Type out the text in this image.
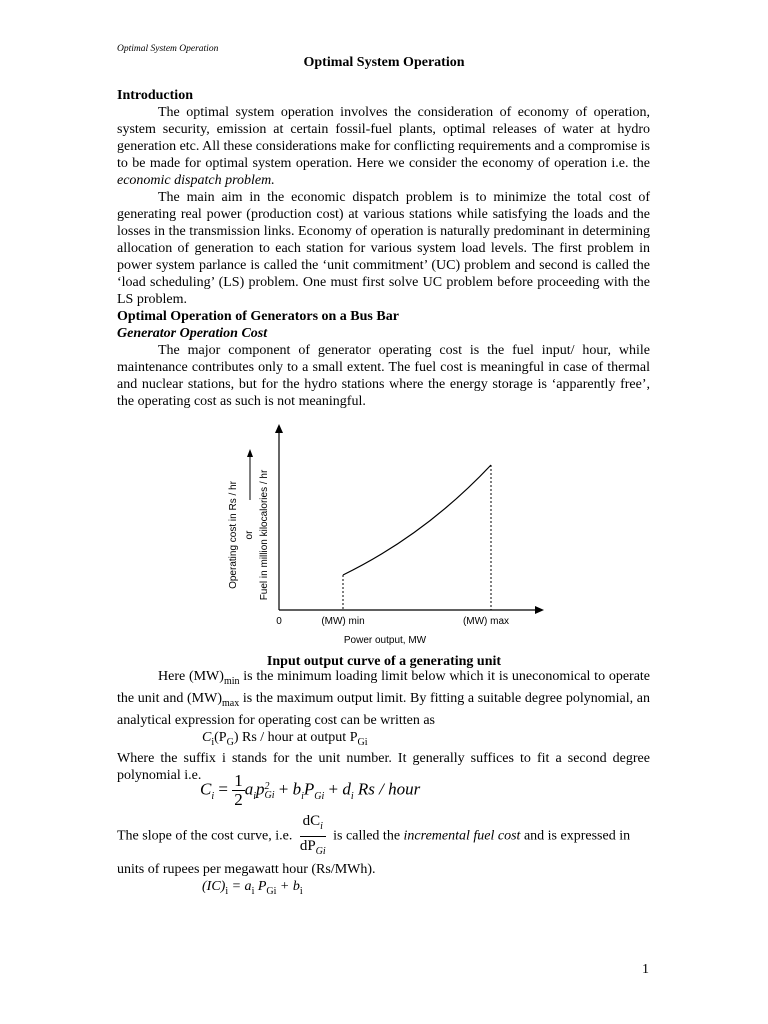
Optimal System Operation
Optimal System Operation

Introduction

The optimal system operation involves the consideration of economy of operation, system security, emission at certain fossil-fuel plants, optimal releases of water at hydro generation etc. All these considerations make for conflicting requirements and a compromise is to be made for optimal system operation. Here we consider the economy of operation i.e. the economic dispatch problem.

The main aim in the economic dispatch problem is to minimize the total cost of generating real power (production cost) at various stations while satisfying the loads and the losses in the transmission links. Economy of operation is naturally predominant in determining allocation of generation to each station for various system load levels. The first problem in power system parlance is called the ‘unit commitment’ (UC) problem and second is called the ‘load scheduling’ (LS) problem. One must first solve UC problem before proceeding with the LS problem.

Optimal Operation of Generators on a Bus Bar

Generator Operation Cost

The major component of generator operating cost is the fuel input/ hour, while maintenance contributes only to a small extent. The fuel cost is meaningful in case of thermal and nuclear stations, but for the hydro stations where the energy storage is ‘apparently free’, the operating cost as such is not meaningful.

Operating cost in Rs / hr or Fuel in million kilocalories / hr
0	(MW) min	(MW) max
Power output, MW
Input output curve of a generating unit

Here $(MW)_{min}$ is the minimum loading limit below which it is uneconomical to operate the unit and $(MW)_{max}$ is the maximum output limit. By fitting a suitable degree polynomial, an analytical expression for operating cost can be written as

$C_i(P_G)$ Rs / hour at output $P_{Gi}$

Where the suffix i stands for the unit number. It generally suffices to fit a second degree polynomial i.e.

$C_i = \frac{1}{2} a_ip$ 2
$Gi + b_iP_{Gi} + d_i$ Rs / hour
The slope of the cost curve, i.e. $\frac{dC_i}{dP_{Gi}}$ is called the incremental fuel cost and is expressed in
units of rupees per megawatt hour (Rs/MWh).
$(IC)_i = a_i$ $P_{Gi} + b_i$
1
